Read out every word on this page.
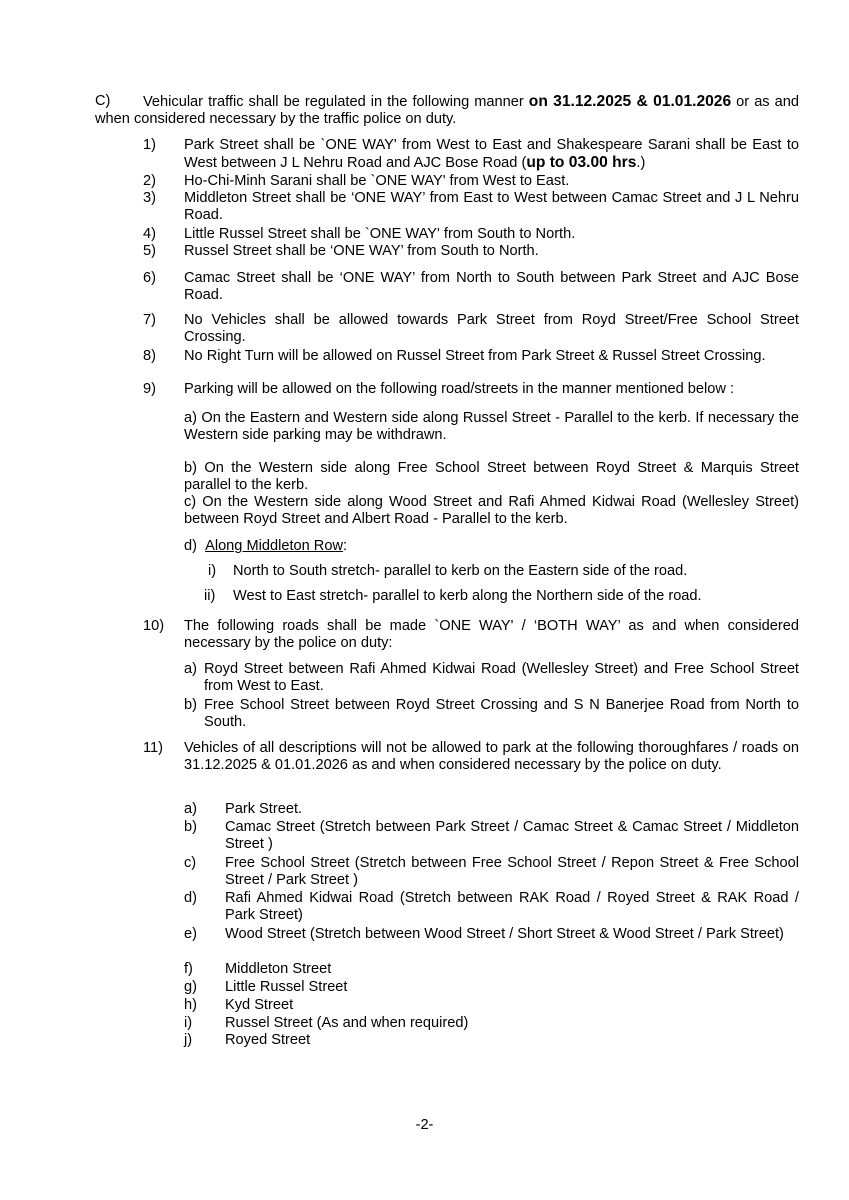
C)	Vehicular traffic shall be regulated in the following manner on 31.12.2025 & 01.01.2026 or as and when considered necessary by the traffic police on duty.
1) Park Street shall be `ONE WAY' from West to East and Shakespeare Sarani shall be East to West between J L Nehru Road and AJC Bose Road (up to 03.00 hrs.)
2) Ho-Chi-Minh Sarani shall be `ONE WAY' from West to East.
3) Middleton Street shall be ‘ONE WAY’ from East to West between Camac Street and J L Nehru Road.
4) Little Russel Street shall be `ONE WAY' from South to North.
5) Russel Street shall be ‘ONE WAY’ from South to North.
6) Camac Street shall be ‘ONE WAY’ from North to South between Park Street and AJC Bose Road.
7) No Vehicles shall be allowed towards Park Street from Royd Street/Free School Street Crossing.
8) No Right Turn will be allowed on Russel Street from Park Street & Russel Street Crossing.
9) Parking will be allowed on the following road/streets in the manner mentioned below :
a) On the Eastern and Western side along Russel Street - Parallel to the kerb. If necessary the Western side parking may be withdrawn.
b) On the Western side along Free School Street between Royd Street & Marquis Street parallel to the kerb.
c) On the Western side along Wood Street and Rafi Ahmed Kidwai Road (Wellesley Street) between Royd Street and Albert Road - Parallel to the kerb.
d) Along Middleton Row:
i) North to South stretch- parallel to kerb on the Eastern side of the road.
ii) West to East stretch- parallel to kerb along the Northern side of the road.
10) The following roads shall be made `ONE WAY' / ‘BOTH WAY’ as and when considered necessary by the police on duty:
a) Royd Street between Rafi Ahmed Kidwai Road (Wellesley Street) and Free School Street from West to East.
b) Free School Street between Royd Street Crossing and S N Banerjee Road from North to South.
11) Vehicles of all descriptions will not be allowed to park at the following thoroughfares / roads on 31.12.2025 & 01.01.2026 as and when considered necessary by the police on duty.
a) Park Street.
b) Camac Street (Stretch between Park Street / Camac Street & Camac Street / Middleton Street )
c) Free School Street (Stretch between Free School Street / Repon Street & Free School Street / Park Street )
d) Rafi Ahmed Kidwai Road (Stretch between RAK Road / Royed Street & RAK Road / Park Street)
e) Wood Street (Stretch between Wood Street / Short Street & Wood Street / Park Street)
f) Middleton Street
g) Little Russel Street
h) Kyd Street
i) Russel Street (As and when required)
j) Royed Street
-2-
